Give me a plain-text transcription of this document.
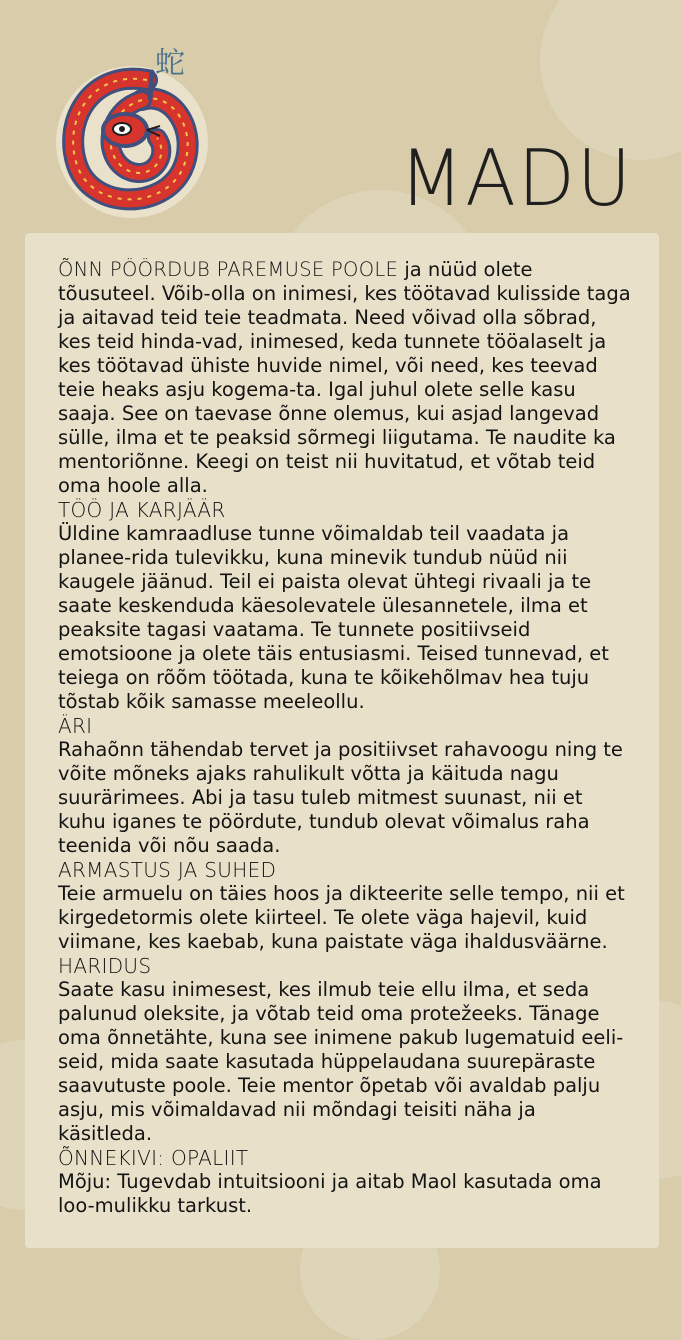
蛇
MADU

ÕNN PÖÖRDUB PAREMUSE POOLE ja nüüd olete tõusuteel. Võib-olla on inimesi, kes töötavad kulisside taga ja aitavad teid teie teadmata. Need võivad olla sõbrad, kes teid hinda-vad, inimesed, keda tunnete tööalaselt ja kes töötavad ühiste huvide nimel, või need, kes teevad teie heaks asju kogema-ta. Igal juhul olete selle kasu saaja. See on taevase õnne olemus, kui asjad langevad sülle, ilma et te peaksid sõrmegi liigutama. Te naudite ka mentoriõnne. Keegi on teist nii huvitatud, et võtab teid oma hoole alla.

TÖÖ JA KARJÄÄR

Üldine kamraadluse tunne võimaldab teil vaadata ja planee-rida tulevikku, kuna minevik tundub nüüd nii kaugele jäänud. Teil ei paista olevat ühtegi rivaali ja te saate keskenduda käesolevatele ülesannetele, ilma et peaksite tagasi vaatama. Te tunnete positiivseid emotsioone ja olete täis entusiasmi. Teised tunnevad, et teiega on rõõm töötada, kuna te kõikehõlmav hea tuju tõstab kõik samasse meeleollu.

ÄRI

Rahaõnn tähendab tervet ja positiivset rahavoogu ning te võite mõneks ajaks rahulikult võtta ja käituda nagu suurärimees. Abi ja tasu tuleb mitmest suunast, nii et kuhu iganes te pöördute, tundub olevat võimalus raha teenida või nõu saada.

ARMASTUS JA SUHED

Teie armuelu on täies hoos ja dikteerite selle tempo, nii et kirgedetormis olete kiirteel. Te olete väga hajevil, kuid viimane, kes kaebab, kuna paistate väga ihaldusväärne.

HARIDUS

Saate kasu inimesest, kes ilmub teie ellu ilma, et seda palunud oleksite, ja võtab teid oma protežeeks. Tänage oma õnnetähte, kuna see inimene pakub lugematuid eeli-seid, mida saate kasutada hüppelaudana suurepäraste saavutuste poole. Teie mentor õpetab või avaldab palju asju, mis võimaldavad nii mõndagi teisiti näha ja käsitleda.

ÕNNEKIVI: OPALIIT

Mõju: Tugevdab intuitsiooni ja aitab Maol kasutada oma loo-mulikku tarkust.
